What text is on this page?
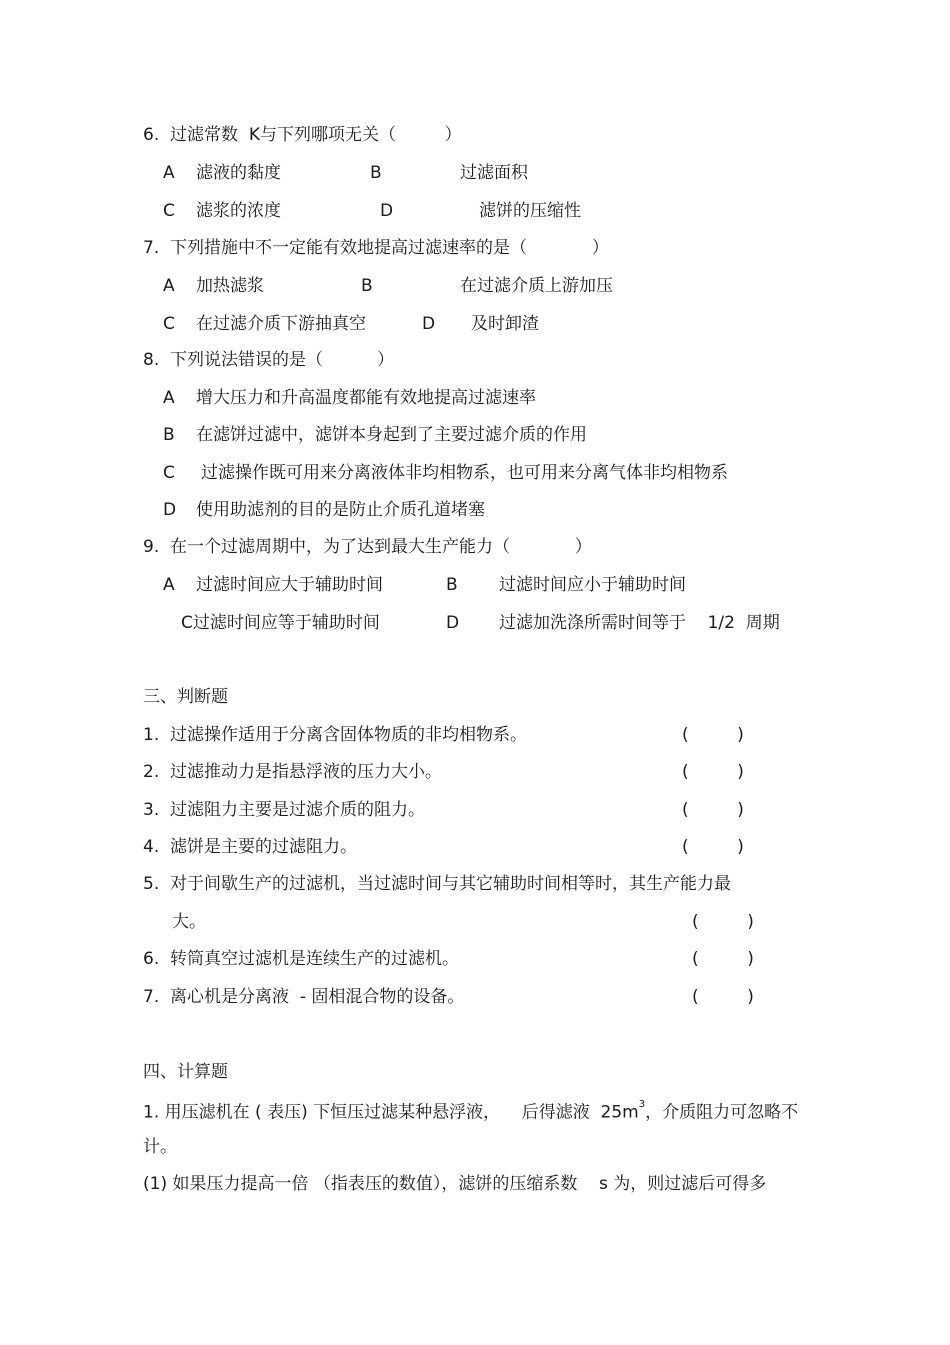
6.  过滤常数  K与下列哪项无关（         ）
A 滤液的黏度	B	过滤面积
C 滤浆的浓度	D	滤饼的压缩性
7.  下列措施中不一定能有效地提高过滤速率的是（            ）
A 加热滤浆	B	在过滤介质上游加压
C 在过滤介质下游抽真空	D 及时卸渣
8.  下列说法错误的是（          ）
A 增大压力和升高温度都能有效地提高过滤速率
B 在滤饼过滤中，滤饼本身起到了主要过滤介质的作用
C 过滤操作既可用来分离液体非均相物系，也可用来分离气体非均相物系
D 使用助滤剂的目的是防止介质孔道堵塞
9.  在一个过滤周期中，为了达到最大生产能力（            ）
A 过滤时间应大于辅助时间	B 过滤时间应小于辅助时间
C过滤时间应等于辅助时间	D 过滤加洗涤所需时间等于    1/2  周期
三、判断题
1.  过滤操作适用于分离含固体物质的非均相物系。	(         )
2.  过滤推动力是指悬浮液的压力大小。	(         )
3.  过滤阻力主要是过滤介质的阻力。	(         )
4.  滤饼是主要的过滤阻力。	(         )
5.  对于间歇生产的过滤机，当过滤时间与其它辅助时间相等时，其生产能力最
大。	(         )
6.  转筒真空过滤机是连续生产的过滤机。	(         )
7.  离心机是分离液  - 固相混合物的设备。	(         )
四、计算题
1. 用压滤机在 ( 表压) 下恒压过滤某种悬浮液，    后得滤液  $25m^3$，介质阻力可忽略不
计。
(1) 如果压力提高一倍 （指表压的数值），滤饼的压缩系数    s 为，则过滤后可得多
